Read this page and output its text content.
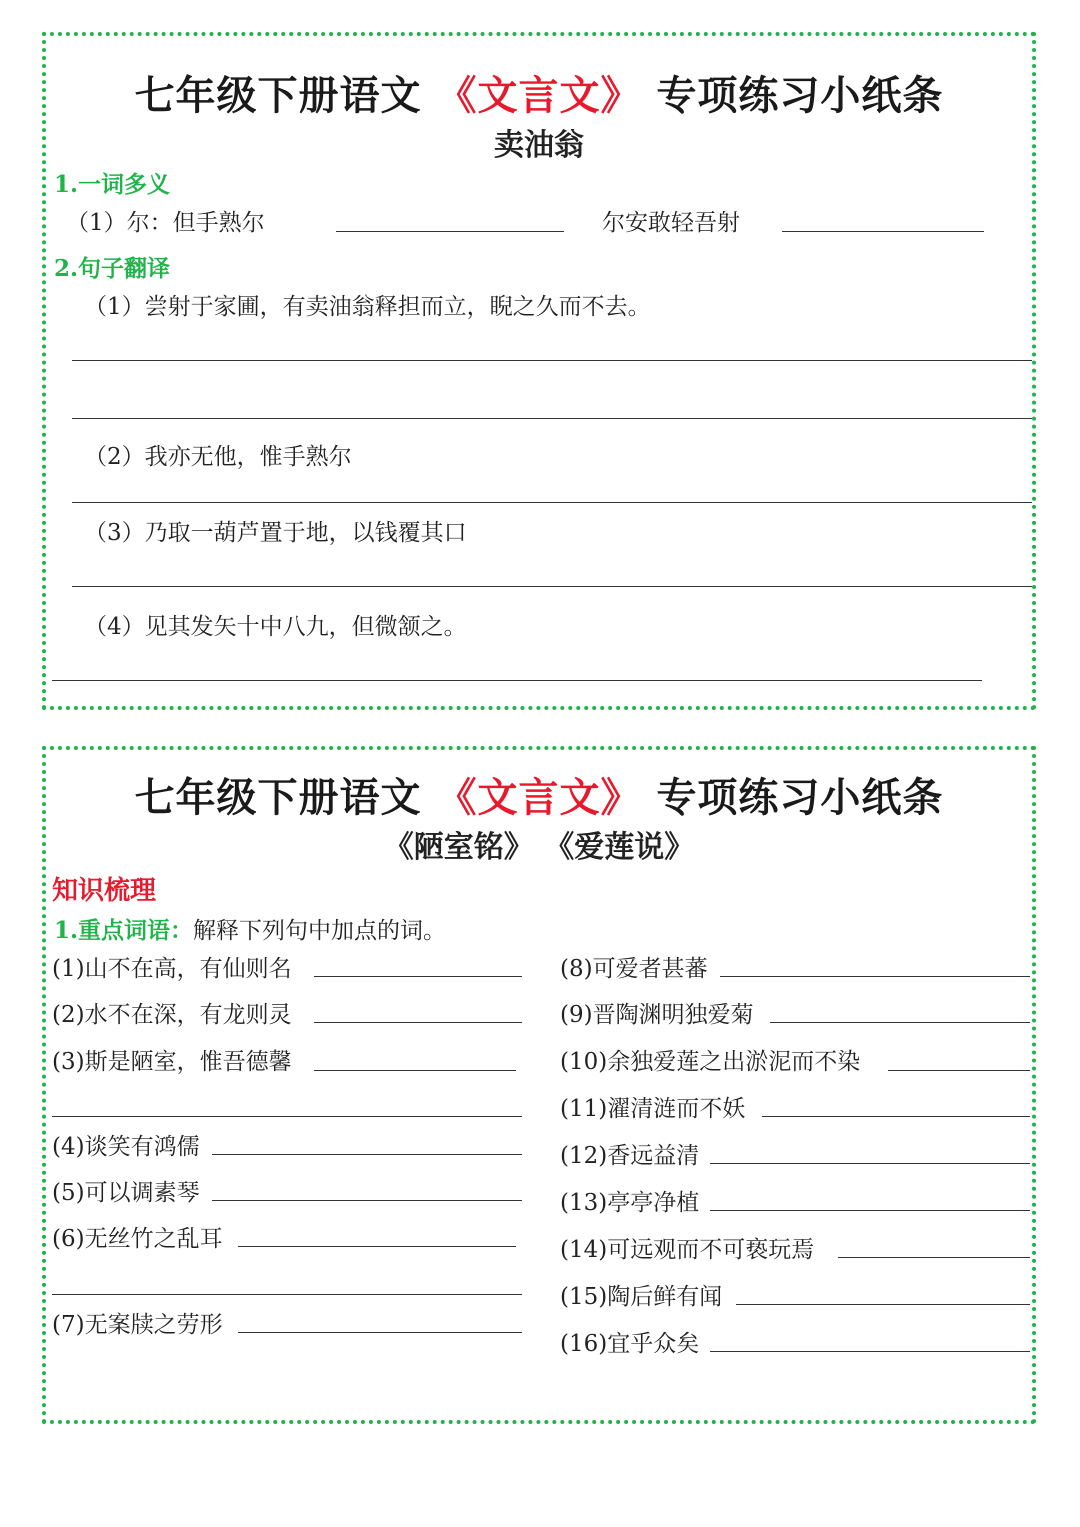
七年级下册语文 《文言文》 专项练习小纸条
卖油翁
1.一词多义
（1）尔：但手熟尔	尔安敢轻吾射
2.句子翻译
（1）尝射于家圃，有卖油翁释担而立，睨之久而不去。
（2）我亦无他，惟手熟尔
（3）乃取一葫芦置于地，以钱覆其口
（4）见其发矢十中八九，但微颔之。
七年级下册语文 《文言文》 专项练习小纸条
《陋室铭》 《爱莲说》
知识梳理
1.重点词语：解释下列句中加点的词。
(1)山不在高，有仙则名
(2)水不在深，有龙则灵
(3)斯是陋室，惟吾德馨
(4)谈笑有鸿儒
(5)可以调素琴
(6)无丝竹之乱耳
(7)无案牍之劳形
(8)可爱者甚蕃
(9)晋陶渊明独爱菊
(10)余独爱莲之出淤泥而不染
(11)濯清涟而不妖
(12)香远益清
(13)亭亭净植
(14)可远观而不可亵玩焉
(15)陶后鲜有闻
(16)宜乎众矣
